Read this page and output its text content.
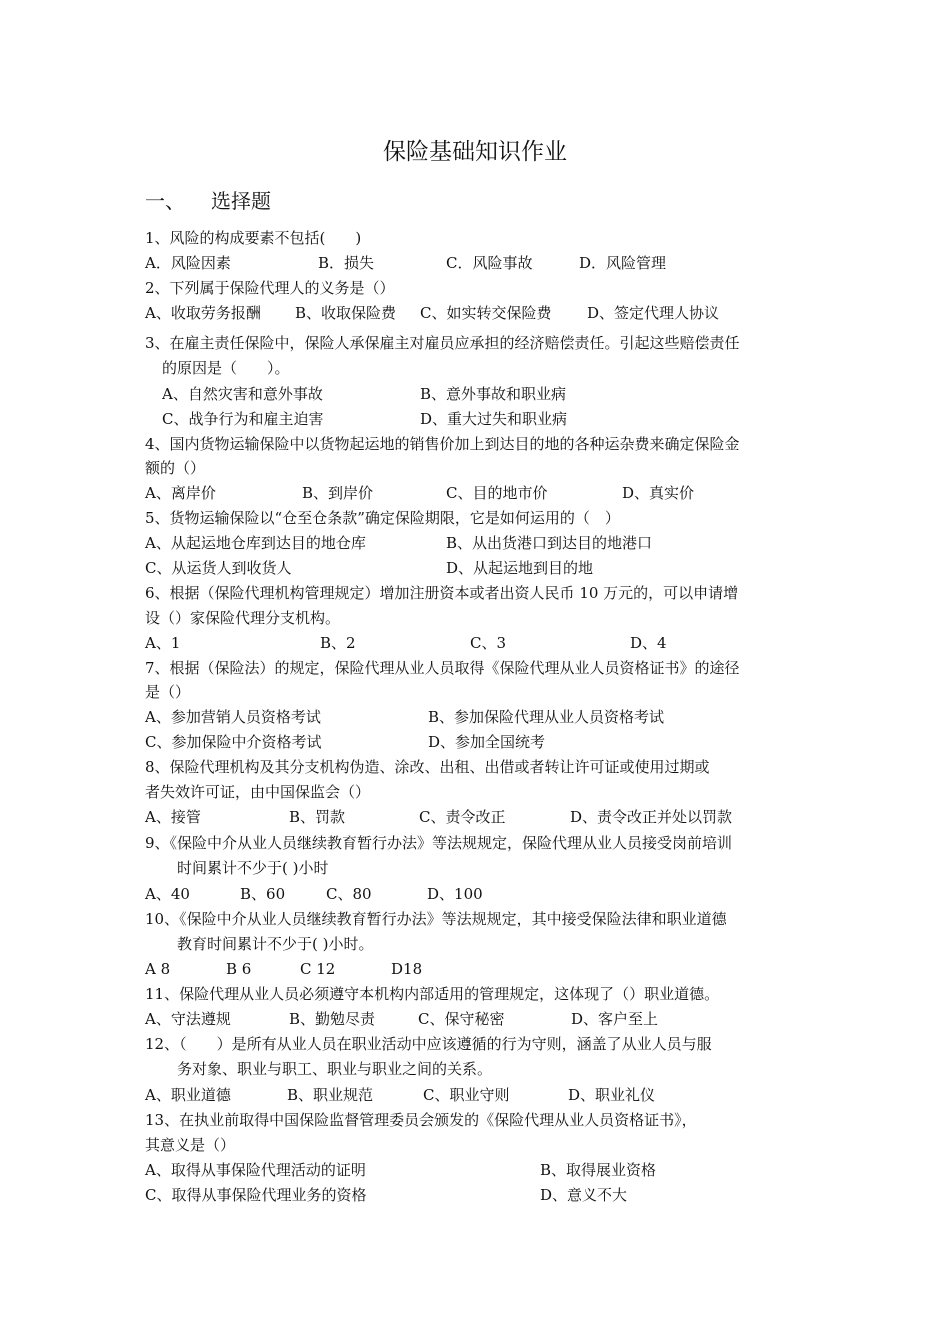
保险基础知识作业
一、 选择题
1、风险的构成要素不包括(　　)
A．风险因素	B．损失	C．风险事故	D．风险管理
2、下列属于保险代理人的义务是（）
A、收取劳务报酬 B、收取保险费 C、如实转交保险费 D、签定代理人协议
3、在雇主责任保险中，保险人承保雇主对雇员应承担的经济赔偿责任。引起这些赔偿责任
的原因是（　　）。
A、自然灾害和意外事故	B、意外事故和职业病
C、战争行为和雇主迫害	D、重大过失和职业病
4、国内货物运输保险中以货物起运地的销售价加上到达目的地的各种运杂费来确定保险金
额的（）
A、离岸价	B、到岸价	C、目的地市价	D、真实价
5、货物运输保险以“仓至仓条款”确定保险期限，它是如何运用的（　）
A、从起运地仓库到达目的地仓库	B、从出货港口到达目的地港口
C、从运货人到收货人	D、从起运地到目的地
6、根据（保险代理机构管理规定）增加注册资本或者出资人民币 10 万元的，可以申请增
设（）家保险代理分支机构。
A、1	B、2	C、3	D、4
7、根据（保险法）的规定，保险代理从业人员取得《保险代理从业人员资格证书》的途径
是（）
A、参加营销人员资格考试	B、参加保险代理从业人员资格考试
C、参加保险中介资格考试	D、参加全国统考
8、保险代理机构及其分支机构伪造、涂改、出租、出借或者转让许可证或使用过期或
者失效许可证，由中国保监会（）
A、接管	B、罚款	C、责令改正	D、责令改正并处以罚款
9、《保险中介从业人员继续教育暂行办法》等法规规定，保险代理从业人员接受岗前培训
时间累计不少于( )小时
A、40	B、60	C、80	D、100
10、《保险中介从业人员继续教育暂行办法》等法规规定，其中接受保险法律和职业道德
教育时间累计不少于( )小时。
A 8	B 6	C 12	D18
11、保险代理从业人员必须遵守本机构内部适用的管理规定，这体现了（）职业道德。
A、守法遵规	B、勤勉尽责	C、保守秘密	D、客户至上
12、（　　）是所有从业人员在职业活动中应该遵循的行为守则，涵盖了从业人员与服
务对象、职业与职工、职业与职业之间的关系。
A、职业道德	B、职业规范	C、职业守则	D、职业礼仪
13、在执业前取得中国保险监督管理委员会颁发的《保险代理从业人员资格证书》，
其意义是（）
A、取得从事保险代理活动的证明	B、取得展业资格
C、取得从事保险代理业务的资格	D、意义不大
